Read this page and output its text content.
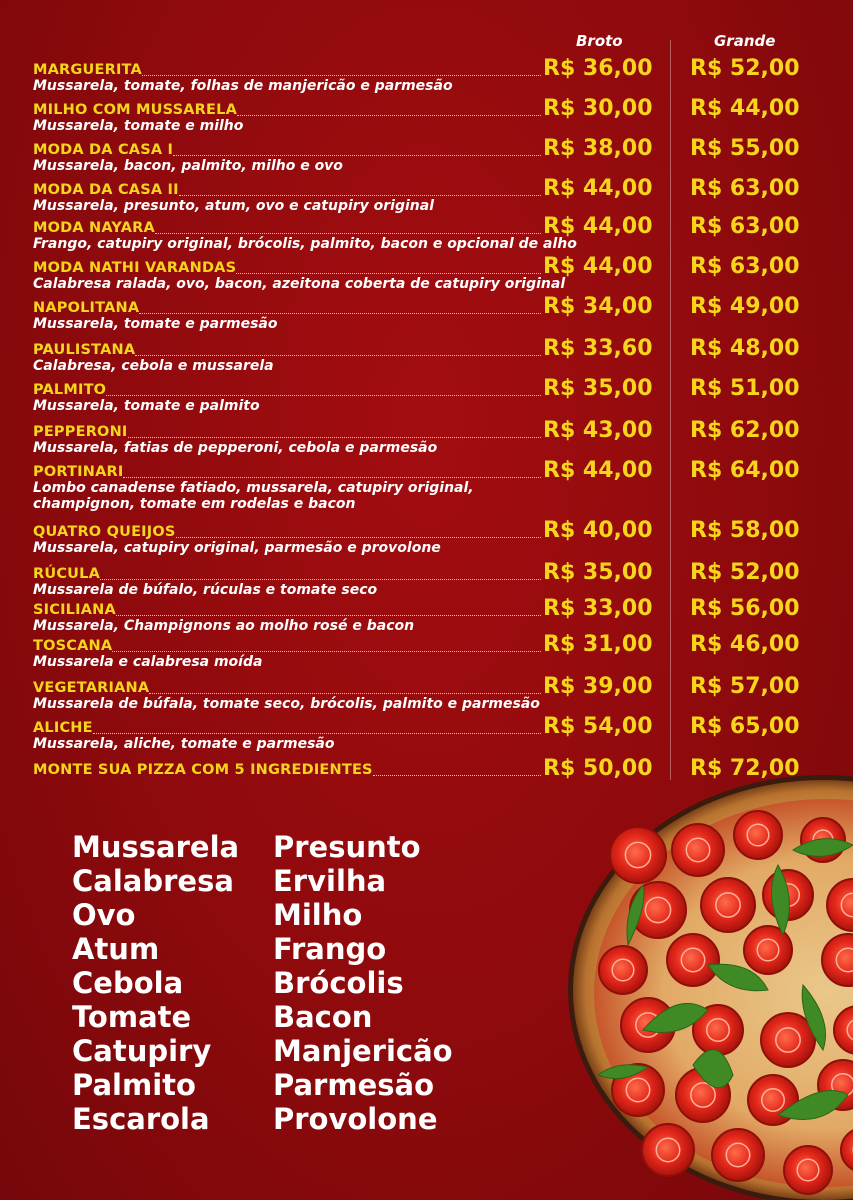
Broto	Grande
MARGUERITA	R$ 36,00 R$ 52,00
Mussarela, tomate, folhas de manjericão e parmesão
MILHO COM MUSSARELA	R$ 30,00 R$ 44,00
Mussarela, tomate e milho
MODA DA CASA I	R$ 38,00 R$ 55,00
Mussarela, bacon, palmito, milho e ovo
MODA DA CASA II	R$ 44,00 R$ 63,00
Mussarela, presunto, atum, ovo e catupiry original
MODA NAYARA	R$ 44,00 R$ 63,00
Frango, catupiry original, brócolis, palmito, bacon e opcional de alho
MODA NATHI VARANDAS	R$ 44,00 R$ 63,00
Calabresa ralada, ovo, bacon, azeitona coberta de catupiry original
NAPOLITANA	R$ 34,00 R$ 49,00
Mussarela, tomate e parmesão
PAULISTANA	R$ 33,60 R$ 48,00
Calabresa, cebola e mussarela
PALMITO	R$ 35,00 R$ 51,00
Mussarela, tomate e palmito
PEPPERONI	R$ 43,00 R$ 62,00
Mussarela, fatias de pepperoni, cebola e parmesão
PORTINARI	R$ 44,00 R$ 64,00
Lombo canadense fatiado, mussarela, catupiry original,
champignon, tomate em rodelas e bacon
QUATRO QUEIJOS	R$ 40,00 R$ 58,00
Mussarela, catupiry original, parmesão e provolone
RÚCULA	R$ 35,00 R$ 52,00
Mussarela de búfalo, rúculas e tomate seco
SICILIANA	R$ 33,00 R$ 56,00
Mussarela, Champignons ao molho rosé e bacon
TOSCANA	R$ 31,00 R$ 46,00
Mussarela e calabresa moída
VEGETARIANA	R$ 39,00 R$ 57,00
Mussarela de búfala, tomate seco, brócolis, palmito e parmesão
ALICHE	R$ 54,00 R$ 65,00
Mussarela, aliche, tomate e parmesão
MONTE SUA PIZZA COM 5 INGREDIENTES	R$ 50,00 R$ 72,00
Mussarela
Calabresa
Ovo
Atum
Cebola
Tomate
Catupiry
Palmito
Escarola
Presunto
Ervilha
Milho
Frango
Brócolis
Bacon
Manjericão
Parmesão
Provolone
